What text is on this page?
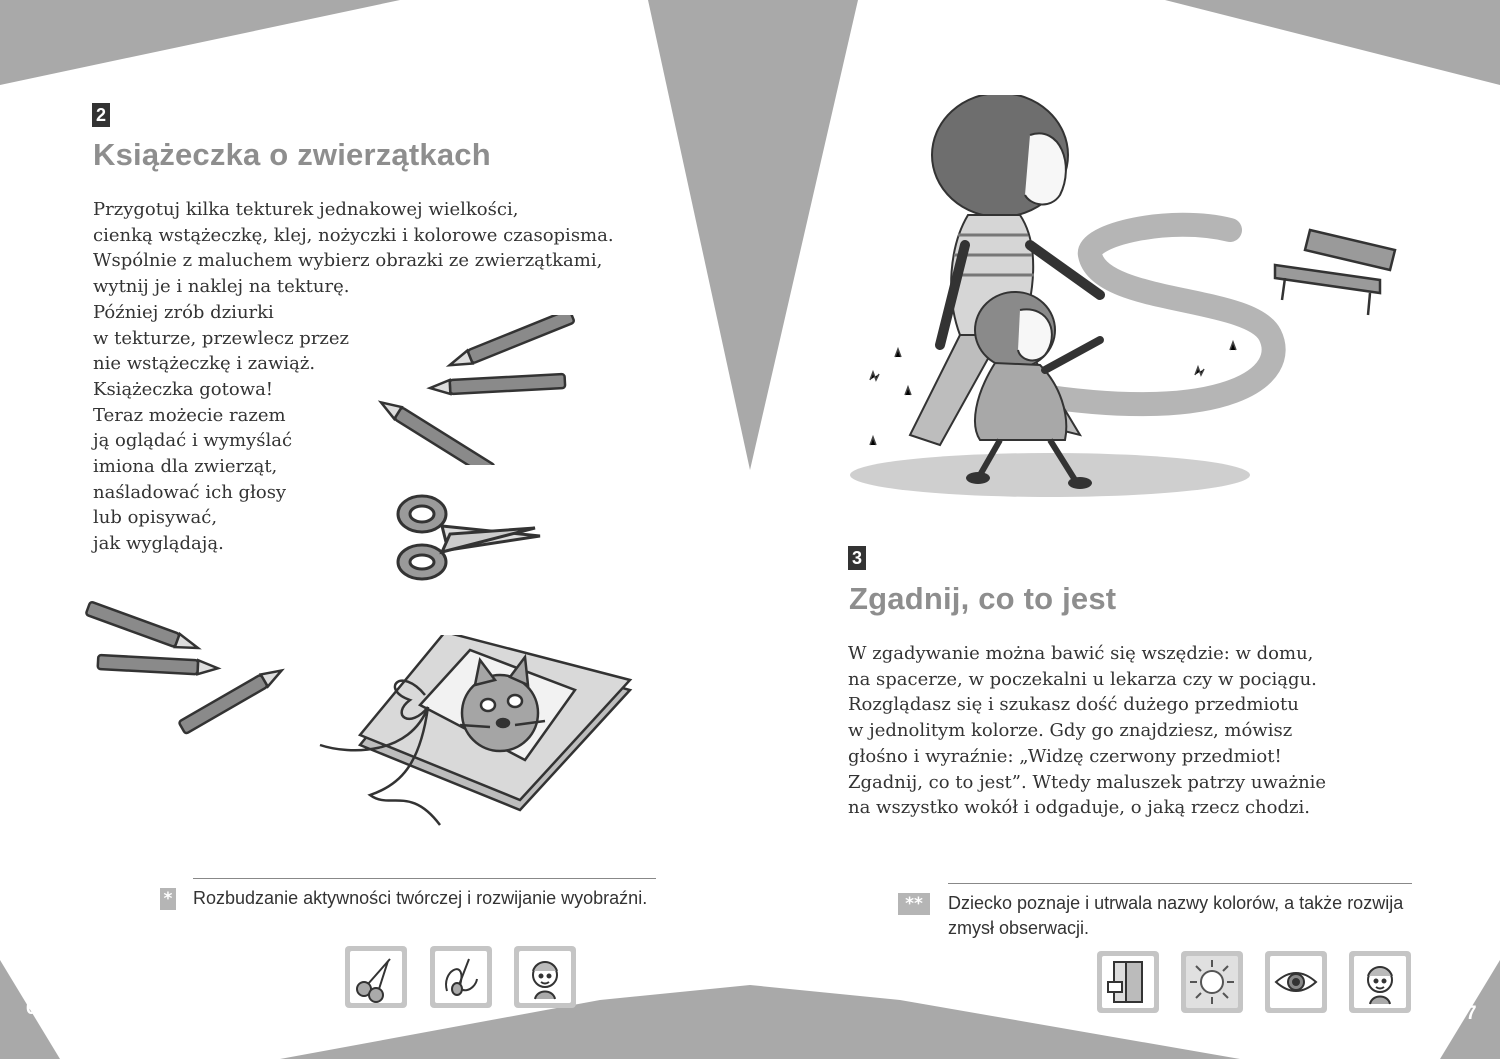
2
Książeczka o zwierzątkach
Przygotuj kilka tekturek jednakowej wielkości,
cienką wstążeczkę, klej, nożyczki i kolorowe czasopisma.
Wspólnie z maluchem wybierz obrazki ze zwierzątkami,
wytnij je i naklej na tekturę.
Później zrób dziurki
w tekturze, przewlecz przez
nie wstążeczkę i zawiąż.
Książeczka gotowa!
Teraz możecie razem
ją oglądać i wymyślać
imiona dla zwierząt,
naśladować ich głosy
lub opisywać,
jak wyglądają.
* Rozbudzanie aktywności twórczej i rozwijanie wyobraźni.
6
3
Zgadnij, co to jest
W zgadywanie można bawić się wszędzie: w domu,
na spacerze, w poczekalni u lekarza czy w pociągu.
Rozglądasz się i szukasz dość dużego przedmiotu
w jednolitym kolorze. Gdy go znajdziesz, mówisz
głośno i wyraźnie: „Widzę czerwony przedmiot!
Zgadnij, co to jest”. Wtedy maluszek patrzy uważnie
na wszystko wokół i odgaduje, o jaką rzecz chodzi.
**	Dziecko poznaje i utrwala nazwy kolorów, a także rozwija
zmysł obserwacji.
7
